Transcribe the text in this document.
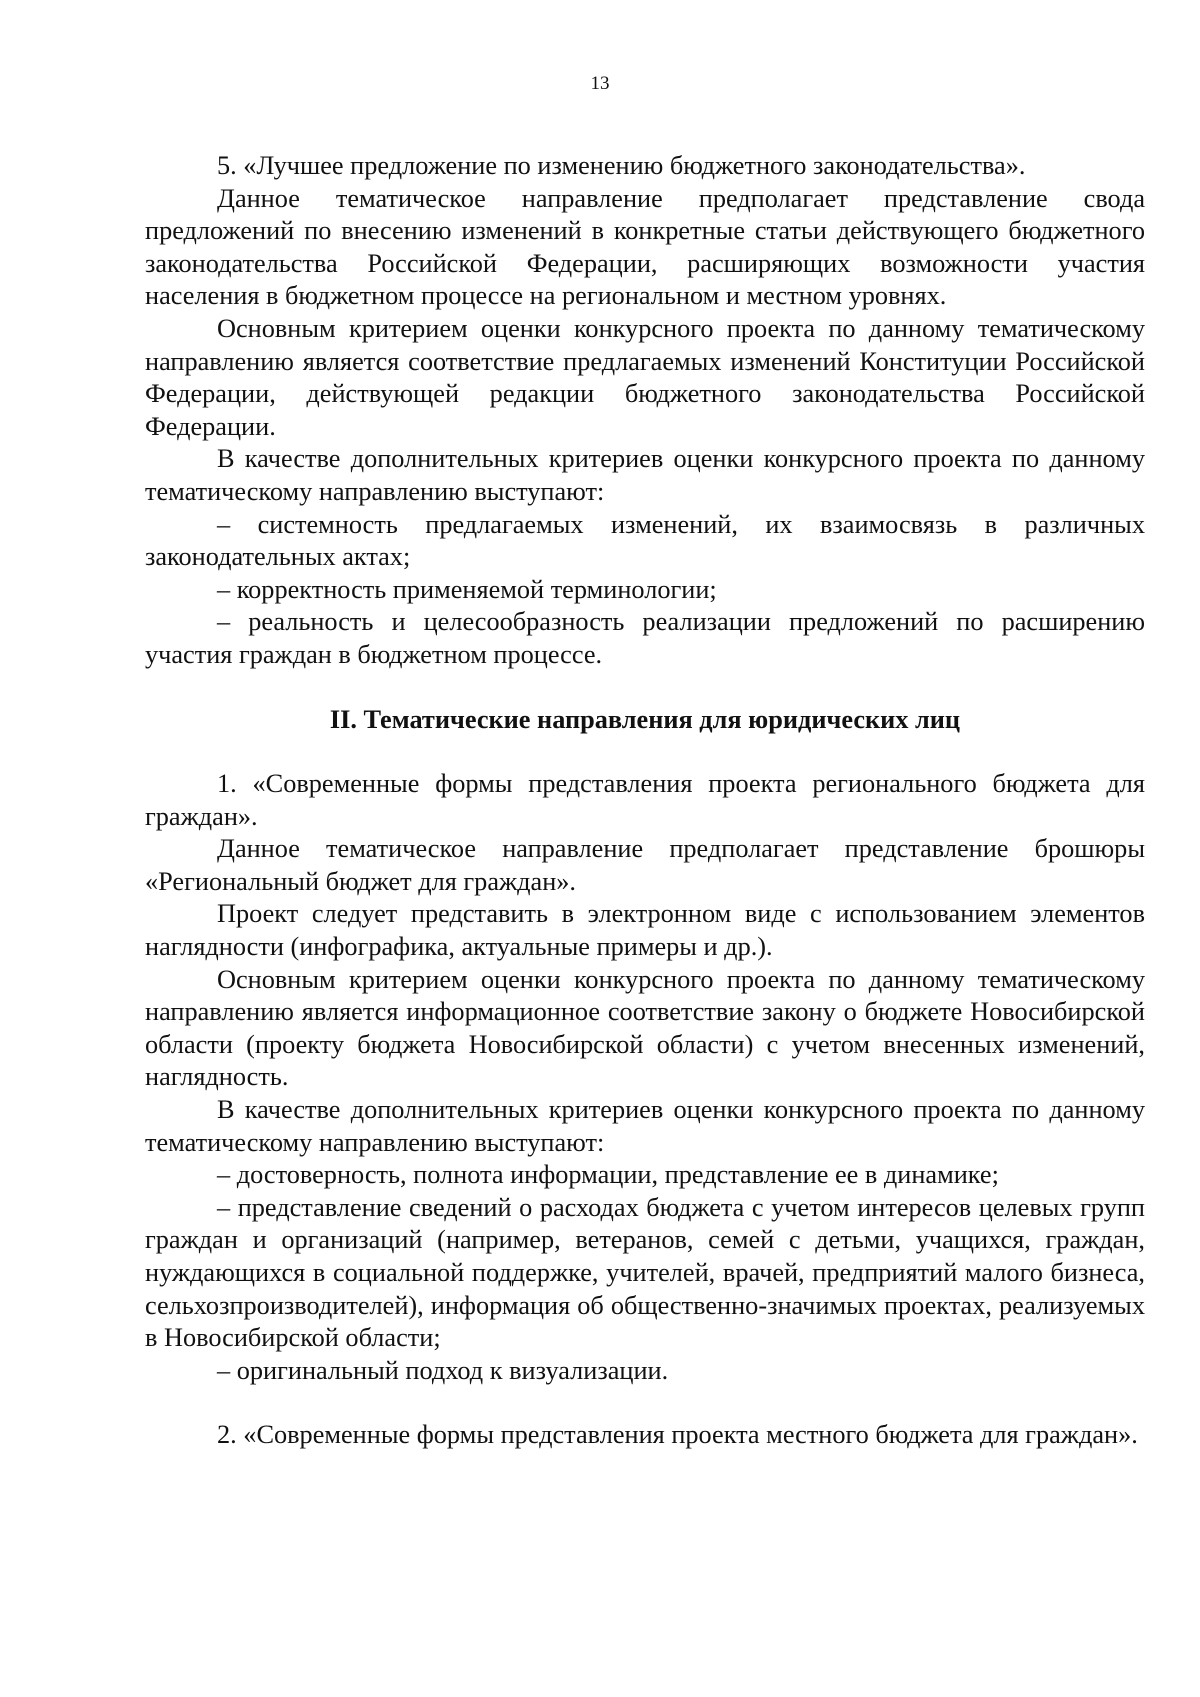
13

5. «Лучшее предложение по изменению бюджетного законодательства».

Данное тематическое направление предполагает представление свода предложений по внесению изменений в конкретные статьи действующего бюджетного законодательства Российской Федерации, расширяющих возможности участия населения в бюджетном процессе на региональном и местном уровнях.

Основным критерием оценки конкурсного проекта по данному тематическому направлению является соответствие предлагаемых изменений Конституции Российской Федерации, действующей редакции бюджетного законодательства Российской Федерации.

В качестве дополнительных критериев оценки конкурсного проекта по данному тематическому направлению выступают:

– системность предлагаемых изменений, их взаимосвязь в различных законодательных актах;

– корректность применяемой терминологии;

– реальность и целесообразность реализации предложений по расширению участия граждан в бюджетном процессе.

II. Тематические направления для юридических лиц

1. «Современные формы представления проекта регионального бюджета для граждан».

Данное тематическое направление предполагает представление брошюры «Региональный бюджет для граждан».

Проект следует представить в электронном виде с использованием элементов наглядности (инфографика, актуальные примеры и др.).

Основным критерием оценки конкурсного проекта по данному тематическому направлению является информационное соответствие закону о бюджете Новосибирской области (проекту бюджета Новосибирской области) с учетом внесенных изменений, наглядность.

В качестве дополнительных критериев оценки конкурсного проекта по данному тематическому направлению выступают:

– достоверность, полнота информации, представление ее в динамике;

– представление сведений о расходах бюджета с учетом интересов целевых групп граждан и организаций (например, ветеранов, семей с детьми, учащихся, граждан, нуждающихся в социальной поддержке, учителей, врачей, предприятий малого бизнеса, сельхозпроизводителей), информация об общественно-значимых проектах, реализуемых в Новосибирской области;

– оригинальный подход к визуализации.

2. «Современные формы представления проекта местного бюджета для граждан».
